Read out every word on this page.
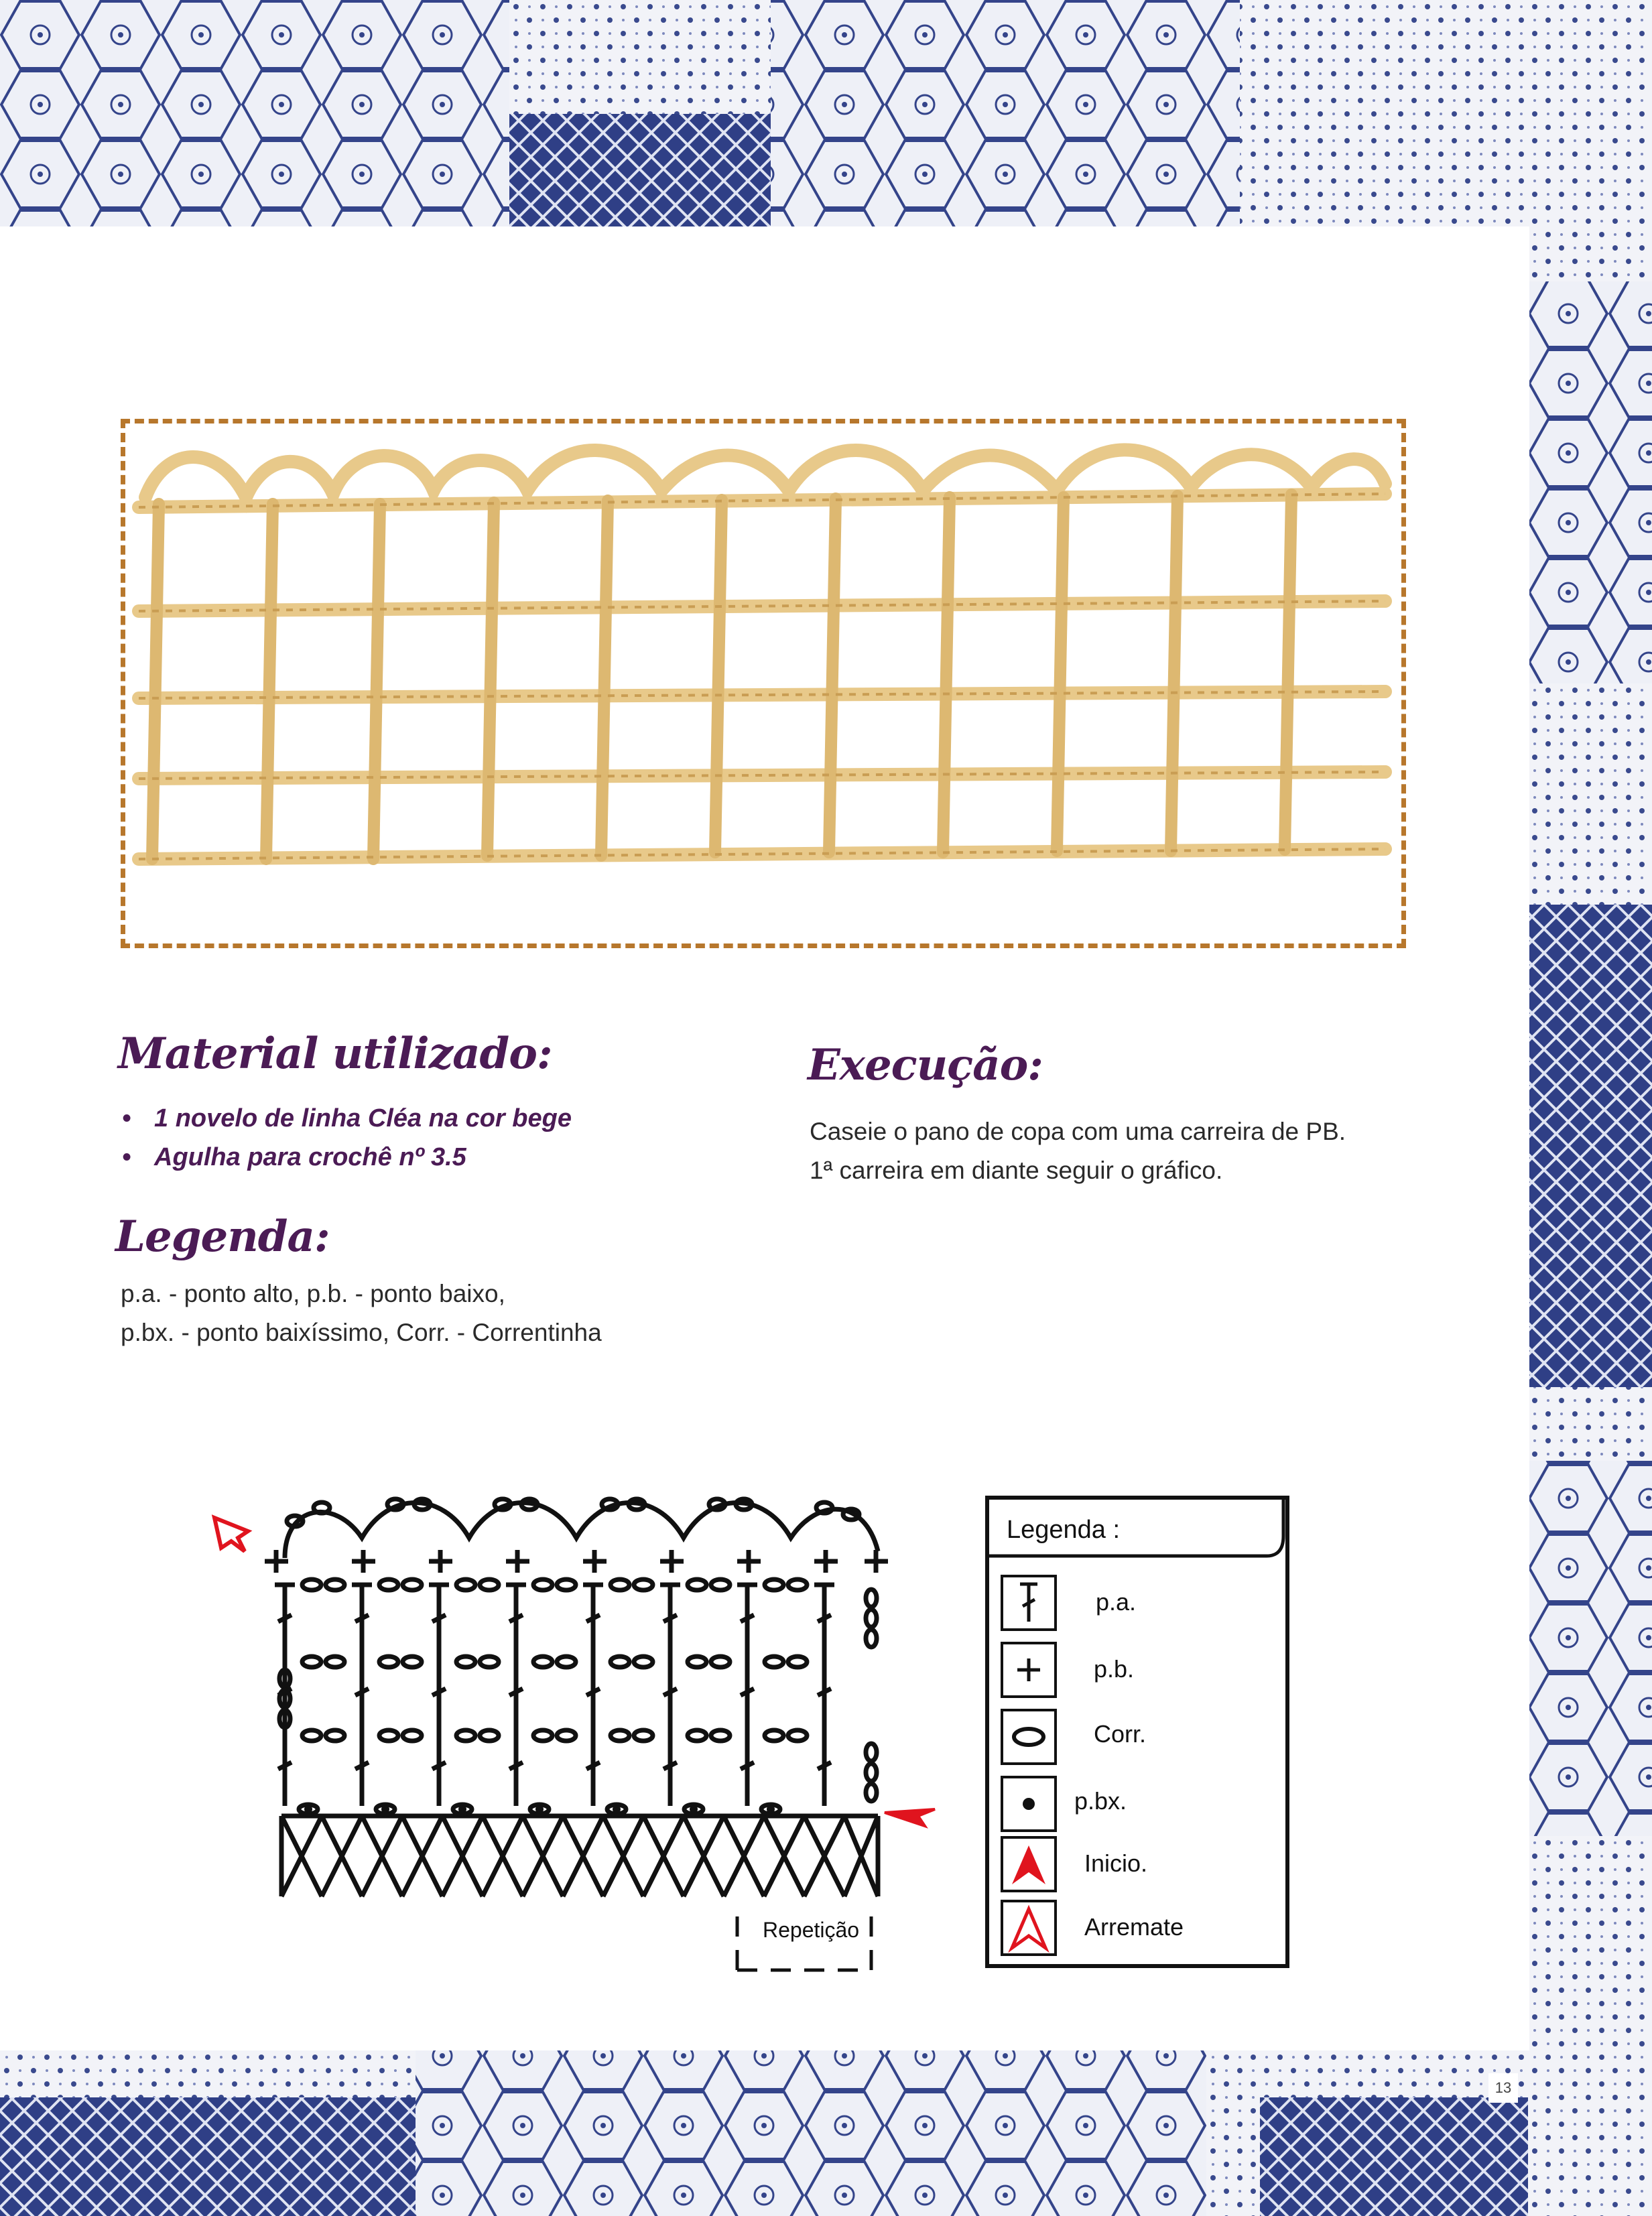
Material utilizado:
• 1 novelo de linha Cléa na cor bege
• Agulha para crochê nº 3.5
Execução:
Caseie o pano de copa com uma carreira de PB.
1ª carreira em diante seguir o gráfico.
Legenda:
p.a. - ponto alto, p.b. - ponto baixo,
p.bx. - ponto baixíssimo, Corr. - Correntinha
Repetição
Legenda :
p.a.
p.b.
Corr.
p.bx.
Inicio.
Arremate
13
